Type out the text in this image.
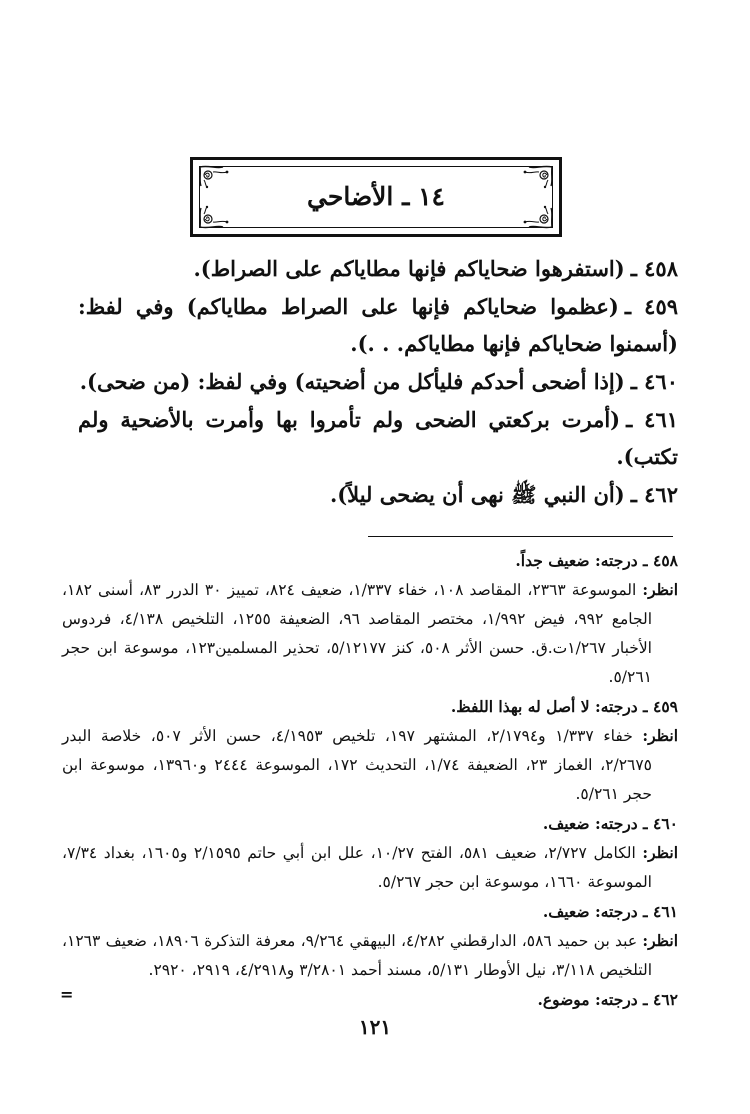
١٤ ـ الأضاحي

٤٥٨ ـ(استفرهوا ضحاياكم فإنها مطاياكم على الصراط).

٤٥٩ ـ(عظموا ضحاياكم فإنها على الصراط مطاياكم) وفي لفظ: (أسمنوا ضحاياكم فإنها مطاياكم. . .).

٤٦٠ ـ(إذا أضحى أحدكم فليأكل من أضحيته) وفي لفظ: (من ضحى).

٤٦١ ـ(أمرت بركعتي الضحى ولم تأمروا بها وأمرت بالأضحية ولم تكتب).

٤٦٢ ـ(أن النبي ﷺ نهى أن يضحى ليلاً).

٤٥٨ ـ درجته: ضعيف جداً.
انظر: الموسوعة ٢٣٦٣، المقاصد ١٠٨، خفاء ١/٣٣٧، ضعيف ٨٢٤، تمييز ٣٠ الدرر ٨٣، أسنى ١٨٢، الجامع ٩٩٢، فيض ١/٩٩٢، مختصر المقاصد ٩٦، الضعيفة ١٢٥٥، التلخيص ٤/١٣٨، فردوس الأخبار ١/٢٦٧ت.ق. حسن الأثر ٥٠٨، كنز ٥/١٢١٧٧، تحذير المسلمين١٢٣، موسوعة ابن حجر ٥/٢٦١.
٤٥٩ ـ درجته: لا أصل له بهذا اللفظ.
انظر: خفاء ١/٣٣٧ و٢/١٧٩٤، المشتهر ١٩٧، تلخيص ٤/١٩٥٣، حسن الأثر ٥٠٧، خلاصة البدر ٢/٢٦٧٥، الغماز ٢٣، الضعيفة ١/٧٤، التحديث ١٧٢، الموسوعة ٢٤٤٤ و١٣٩٦٠، موسوعة ابن حجر ٥/٢٦١.
٤٦٠ ـ درجته: ضعيف.
انظر: الكامل ٢/٧٢٧، ضعيف ٥٨١، الفتح ١٠/٢٧، علل ابن أبي حاتم ٢/١٥٩٥ و١٦٠٥، بغداد ٧/٣٤، الموسوعة ١٦٦٠، موسوعة ابن حجر ٥/٢٦٧.
٤٦١ ـ درجته: ضعيف.
انظر: عبد بن حميد ٥٨٦، الدارقطني ٤/٢٨٢، البيهقي ٩/٢٦٤، معرفة التذكرة ١٨٩٠٦، ضعيف ١٢٦٣، التلخيص ٣/١١٨، نيل الأوطار ٥/١٣١، مسند أحمد ٣/٢٨٠١ و٤/٢٩١٨، ٢٩١٩، ٢٩٢٠.
٤٦٢ ـ درجته: موضوع.
=
١٢١
